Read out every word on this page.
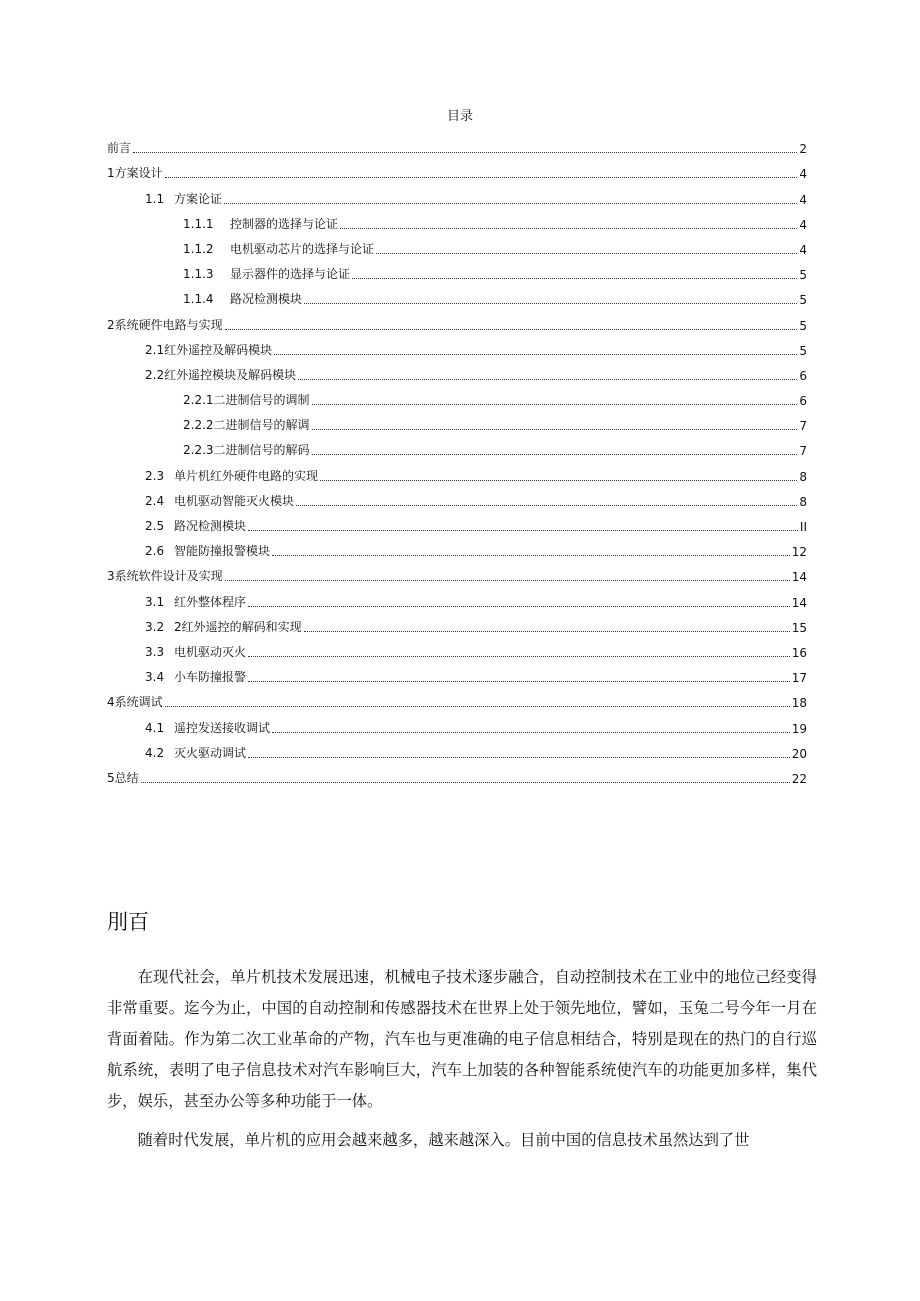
目录
前言	2
1方案设计	4
1.1 方案论证	4
1.1.1 控制器的选择与论证	4
1.1.2 电机驱动芯片的选择与论证	4
1.1.3 显示器件的选择与论证	5
1.1.4 路况检测模块	5
2系统硬件电路与实现	5
2.1红外遥控及解码模块	5
2.2红外遥控模块及解码模块	6
2.2.1二进制信号的调制	6
2.2.2二进制信号的解调	7
2.2.3二进制信号的解码	7
2.3 单片机红外硬件电路的实现	8
2.4 电机驱动智能灭火模块	8
2.5 路况检测模块	II
2.6 智能防撞报警模块	12
3系统软件设计及实现	14
3.1 红外整体程序	14
3.2 2红外遥控的解码和实现	15
3.3 电机驱动灭火	16
3.4 小车防撞报警	17
4系统调试	18
4.1 遥控发送接收调试	19
4.2 灭火驱动调试	20
5总结	22
刖百

在现代社会，单片机技术发展迅速，机械电子技术逐步融合，自动控制技术在工业中的地位己经变得非常重要。迄今为止，中国的自动控制和传感器技术在世界上处于领先地位，譬如，玉兔二号今年一月在背面着陆。作为第二次工业革命的产物，汽车也与更准确的电子信息相结合，特别是现在的热门的自行巡航系统，表明了电子信息技术对汽车影响巨大，汽车上加装的各种智能系统使汽车的功能更加多样，集代步，娱乐，甚至办公等多种功能于一体。

随着时代发展，单片机的应用会越来越多，越来越深入。目前中国的信息技术虽然达到了世
